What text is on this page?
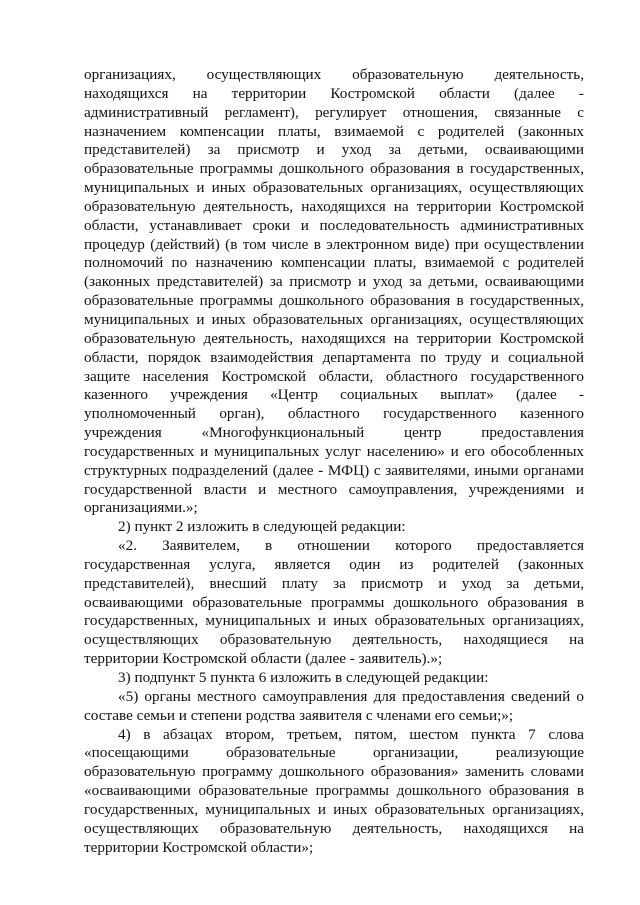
организациях, осуществляющих образовательную деятельность, находящихся на территории Костромской области (далее - административный регламент), регулирует отношения, связанные с назначением компенсации платы, взимаемой с родителей (законных представителей) за присмотр и уход за детьми, осваивающими образовательные программы дошкольного образования в государственных, муниципальных и иных образовательных организациях, осуществляющих образовательную деятельность, находящихся на территории Костромской области, устанавливает сроки и последовательность административных процедур (действий) (в том числе в электронном виде) при осуществлении полномочий по назначению компенсации платы, взимаемой с родителей (законных представителей) за присмотр и уход за детьми, осваивающими образовательные программы дошкольного образования в государственных, муниципальных и иных образовательных организациях, осуществляющих образовательную деятельность, находящихся на территории Костромской области, порядок взаимодействия департамента по труду и социальной защите населения Костромской области, областного государственного казенного учреждения «Центр социальных выплат» (далее - уполномоченный орган), областного государственного казенного учреждения «Многофункциональный центр предоставления государственных и муниципальных услуг населению» и его обособленных структурных подразделений (далее - МФЦ) с заявителями, иными органами государственной власти и местного самоуправления, учреждениями и организациями.»;

2) пункт 2 изложить в следующей редакции:

«2. Заявителем, в отношении которого предоставляется государственная услуга, является один из родителей (законных представителей), внесший плату за присмотр и уход за детьми, осваивающими образовательные программы дошкольного образования в государственных, муниципальных и иных образовательных организациях, осуществляющих образовательную деятельность, находящиеся на территории Костромской области (далее - заявитель).»;

3) подпункт 5 пункта 6 изложить в следующей редакции:

«5) органы местного самоуправления для предоставления сведений о составе семьи и степени родства заявителя с членами его семьи;»;

4) в абзацах втором, третьем, пятом, шестом пункта 7 слова «посещающими образовательные организации, реализующие образовательную программу дошкольного образования» заменить словами «осваивающими образовательные программы дошкольного образования в государственных, муниципальных и иных образовательных организациях, осуществляющих образовательную деятельность, находящихся на территории Костромской области»;
